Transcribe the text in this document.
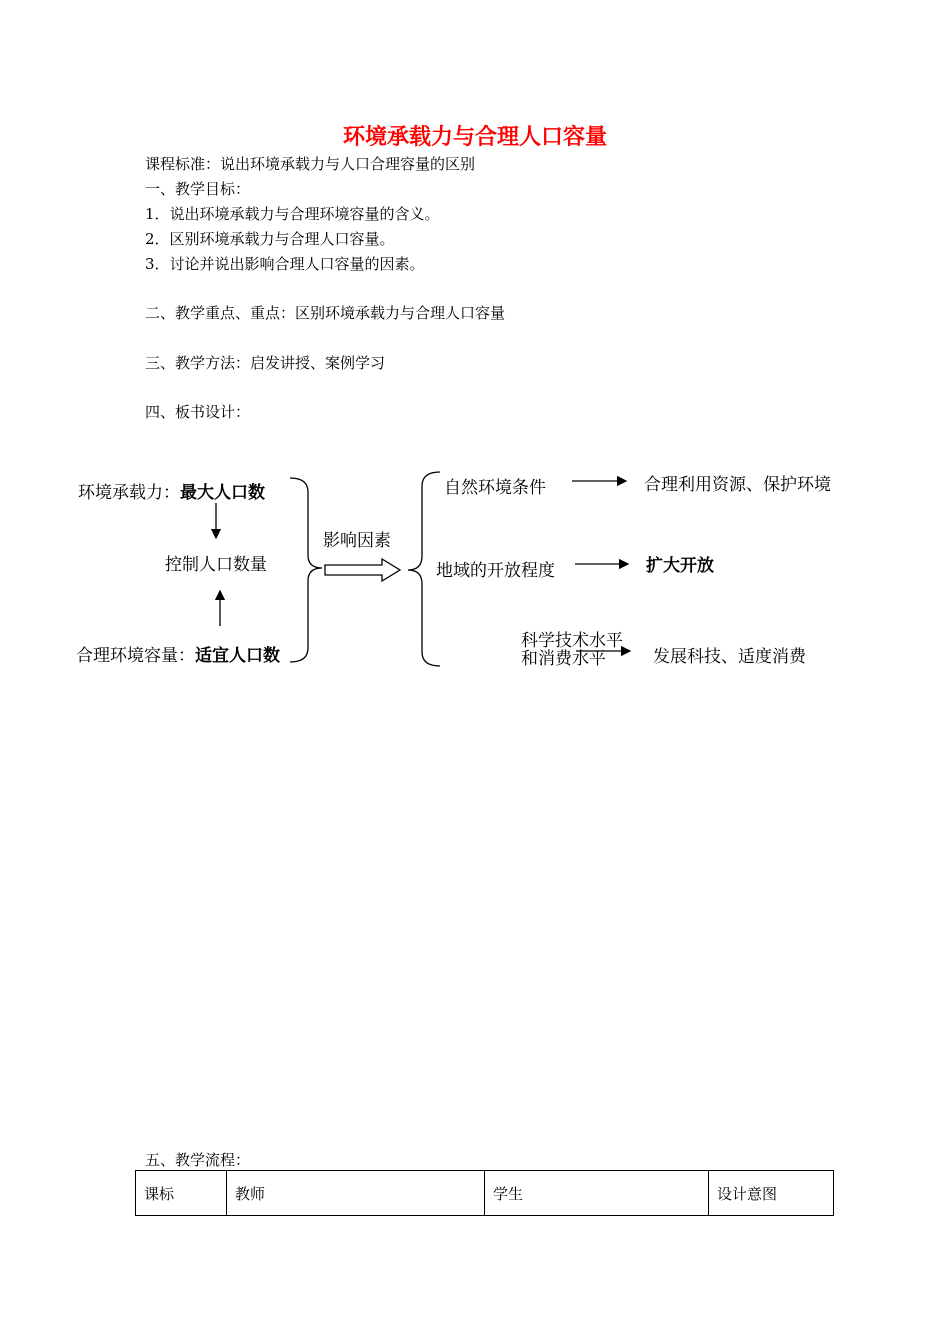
环境承载力与合理人口容量
课程标准：说出环境承载力与人口合理容量的区别
一、教学目标：
1．说出环境承载力与合理环境容量的含义。
2．区别环境承载力与合理人口容量。
3．讨论并说出影响合理人口容量的因素。
二、教学重点、重点：区别环境承载力与合理人口容量
三、教学方法：启发讲授、案例学习
四、板书设计：
环境承载力：最大人口数
控制人口数量
合理环境容量：适宜人口数
影响因素
自然环境条件
地域的开放程度
科学技术水平
和消费水平
合理利用资源、保护环境
扩大开放
发展科技、适度消费
五、教学流程：
课标	教师	学生	设计意图
